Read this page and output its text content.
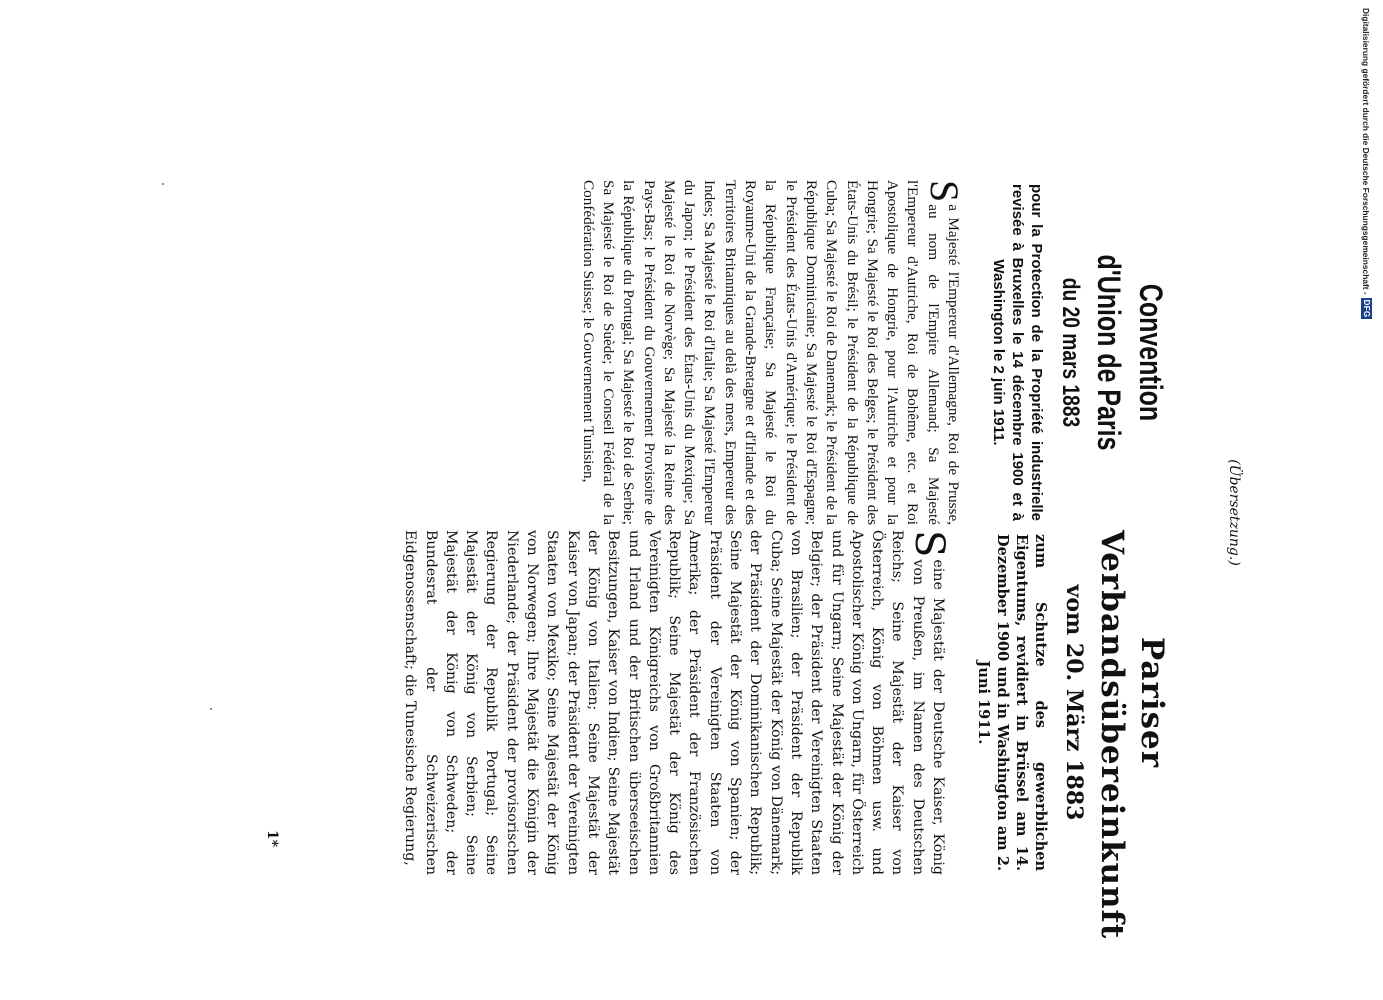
(Übersetzung.)
Convention
d'Union de Paris
du 20 mars 1883
pour la Protection de la Propriété industrielle revisée à Bruxelles le 14 décembre 1900 et à Washington le 2 juin 1911.
S
a Majesté l'Empereur d'Allemagne, Roi de Prusse, au nom de l'Empire Allemand; Sa Majesté l'Empereur d'Autriche, Roi de Bohême, etc. et Roi Apostolique de Hongrie, pour l'Autriche et pour la Hongrie; Sa Majesté le Roi des Belges; le Président des États-Unis du Brésil; le Président de la République de Cuba; Sa Majesté le Roi de Danemark; le Président de la République Dominicaine; Sa Majesté le Roi d'Espagne; le Président des États-Unis d'Amérique; le Président de la République Française; Sa Majesté le Roi du Royaume-Uni de la Grande-Bretagne et d'Irlande et des Territoires Britanniques au delà des mers, Empereur des Indes; Sa Majesté le Roi d'Italie; Sa Majesté l'Empereur du Japon; le Président des États-Unis du Mexique; Sa Majesté le Roi de Norvège; Sa Majesté la Reine des Pays-Bas; le Président du Gouvernement Provisoire de la République du Portugal; Sa Majesté le Roi de Serbie; Sa Majesté le Roi de Suède; le Conseil Fédéral de la Confédération Suisse; le Gouvernement Tunisien,
Pariser
Verbandsübereinkunft
vom 20. März 1883
zum Schutze des gewerblichen Eigentums, revidiert in Brüssel am 14. Dezember 1900 und in Washington am 2. Juni 1911.
S
eine Majestät der Deutsche Kaiser, König von Preußen, im Namen des Deutschen Reichs; Seine Majestät der Kaiser von Österreich, König von Böhmen usw. und Apostolischer König von Ungarn, für Österreich und für Ungarn; Seine Majestät der König der Belgier; der Präsident der Vereinigten Staaten von Brasilien; der Präsident der Republik Cuba; Seine Majestät der König von Dänemark; der Präsident der Dominikanischen Republik; Seine Majestät der König von Spanien; der Präsident der Vereinigten Staaten von Amerika; der Präsident der Französischen Republik; Seine Majestät der König des Vereinigten Königreichs von Großbritannien und Irland und der Britischen überseeischen Besitzungen, Kaiser von Indien; Seine Majestät der König von Italien; Seine Majestät der Kaiser von Japan; der Präsident der Vereinigten Staaten von Mexiko; Seine Majestät der König von Norwegen; Ihre Majestät die Königin der Niederlande; der Präsident der provisorischen Regierung der Republik Portugal; Seine Majestät der König von Serbien; Seine Majestät der König von Schweden; der Bundesrat der Schweizerischen Eidgenossenschaft; die Tunesische Regierung,
1*
Digitalisierung gefördert durch die Deutsche Forschungsgemeinschaft -
DFG
